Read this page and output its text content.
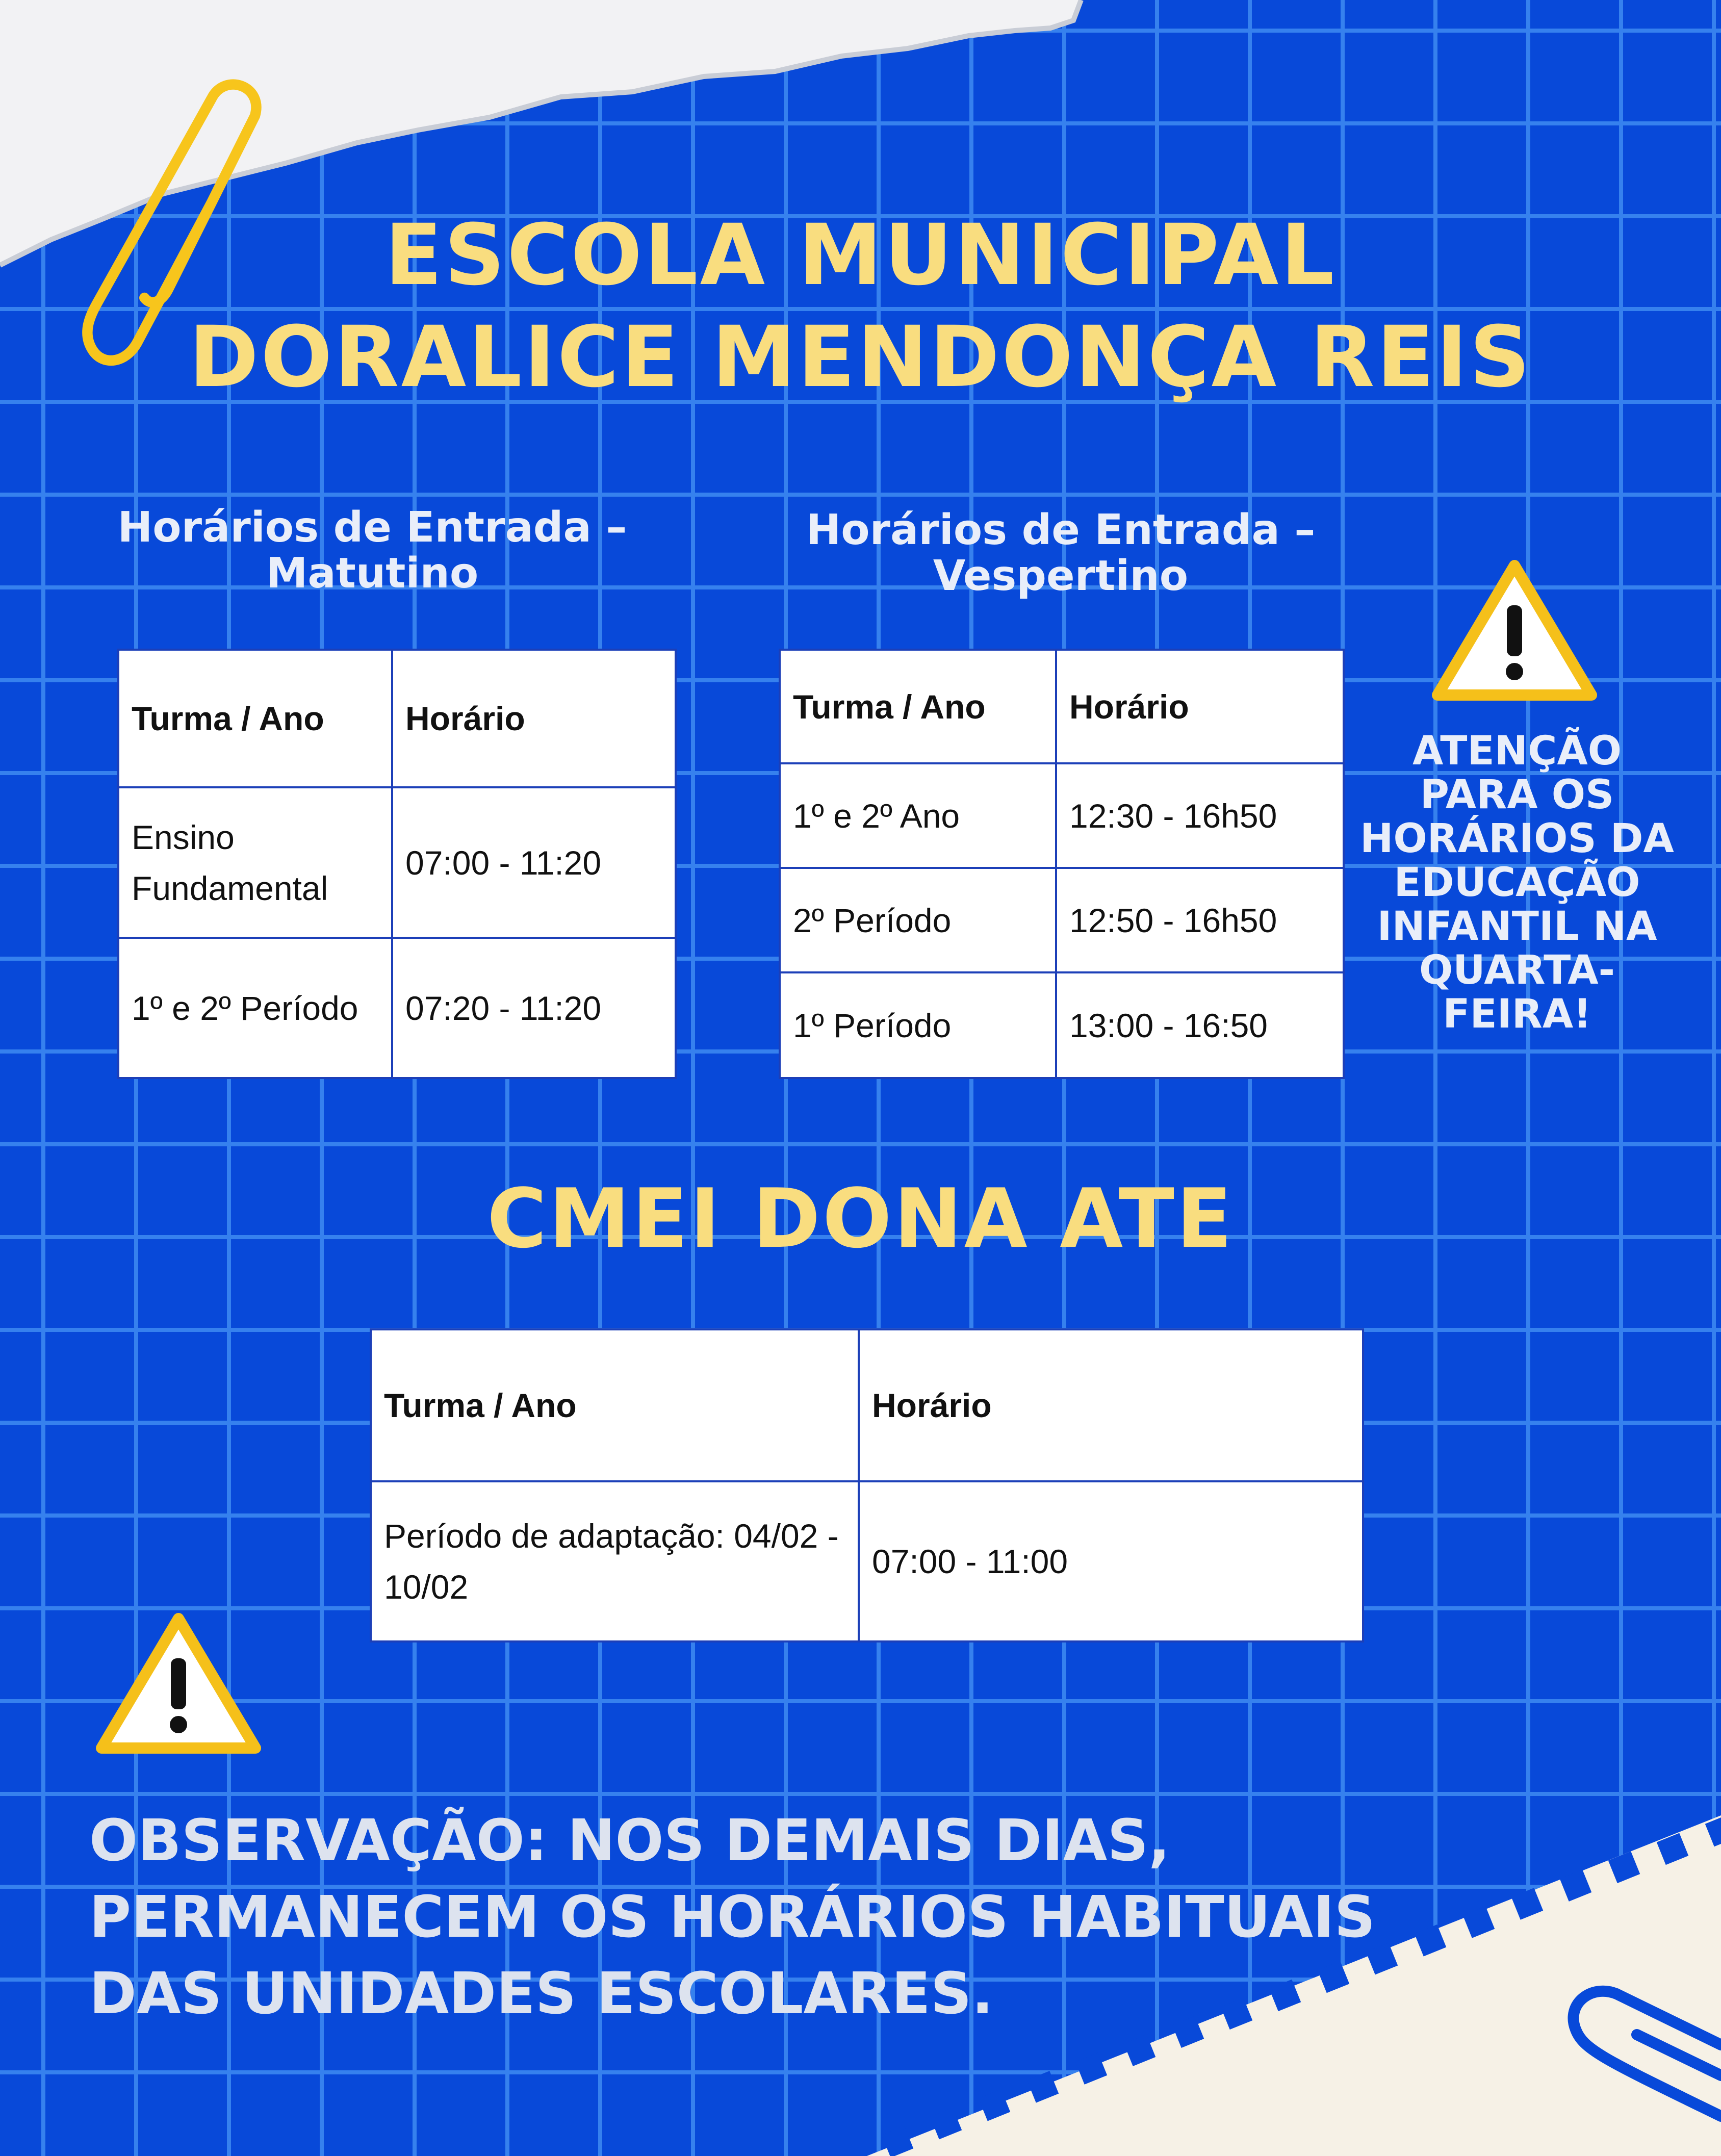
ESCOLA MUNICIPAL
DORALICE MENDONÇA REIS
Horários de Entrada –
Matutino
Horários de Entrada –
Vespertino
Turma / Ano	Horário
Ensino Fundamental	07:00 - 11:20
1º e 2º Período	07:20 - 11:20
Turma / Ano	Horário
1º e 2º Ano	12:30 - 16h50
2º Período	12:50 - 16h50
1º Período	13:00 - 16:50

ATENÇÃO PARA OS HORÁRIOS DA EDUCAÇÃO INFANTIL NA QUARTA-FEIRA!

CMEI DONA ATE
Turma / Ano	Horário
Período de adaptação: 04/02 - 10/02	07:00 - 11:00

OBSERVAÇÃO: NOS DEMAIS DIAS, PERMANECEM OS HORÁRIOS HABITUAIS DAS UNIDADES ESCOLARES.
